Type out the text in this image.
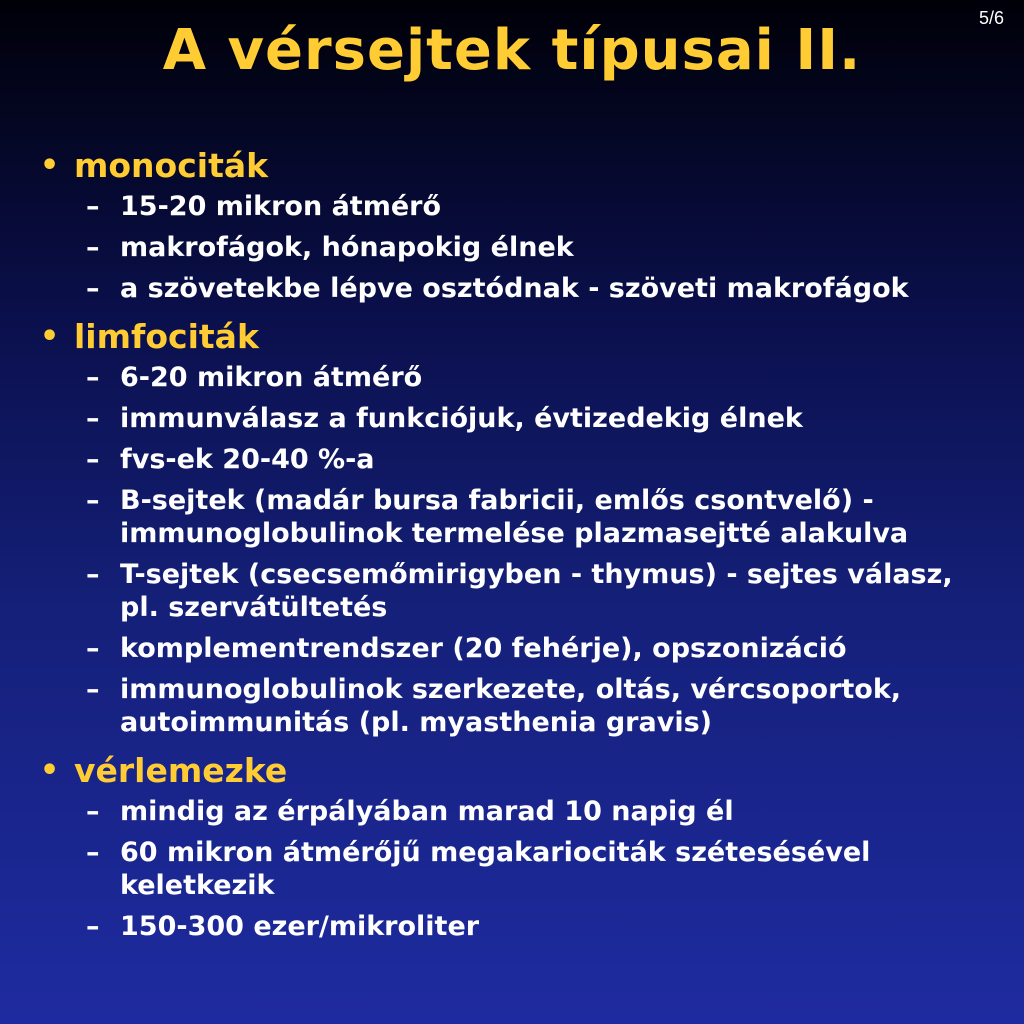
5/6
A vérsejtek típusai II.
• monociták
– 15-20 mikron átmérő
– makrofágok, hónapokig élnek
– a szövetekbe lépve osztódnak - szöveti makrofágok
• limfociták
– 6-20 mikron átmérő
– immunválasz a funkciójuk, évtizedekig élnek
– fvs-ek 20-40 %-a
– B-sejtek (madár bursa fabricii, emlős csontvelő) - immunoglobulinok termelése plazmasejtté alakulva
– T-sejtek (csecsemőmirigyben - thymus) - sejtes válasz, pl. szervátültetés
– komplementrendszer (20 fehérje), opszonizáció
– immunoglobulinok szerkezete, oltás, vércsoportok, autoimmunitás (pl. myasthenia gravis)
• vérlemezke
– mindig az érpályában marad 10 napig él
– 60 mikron átmérőjű megakariociták szétesésével keletkezik
– 150-300 ezer/mikroliter
